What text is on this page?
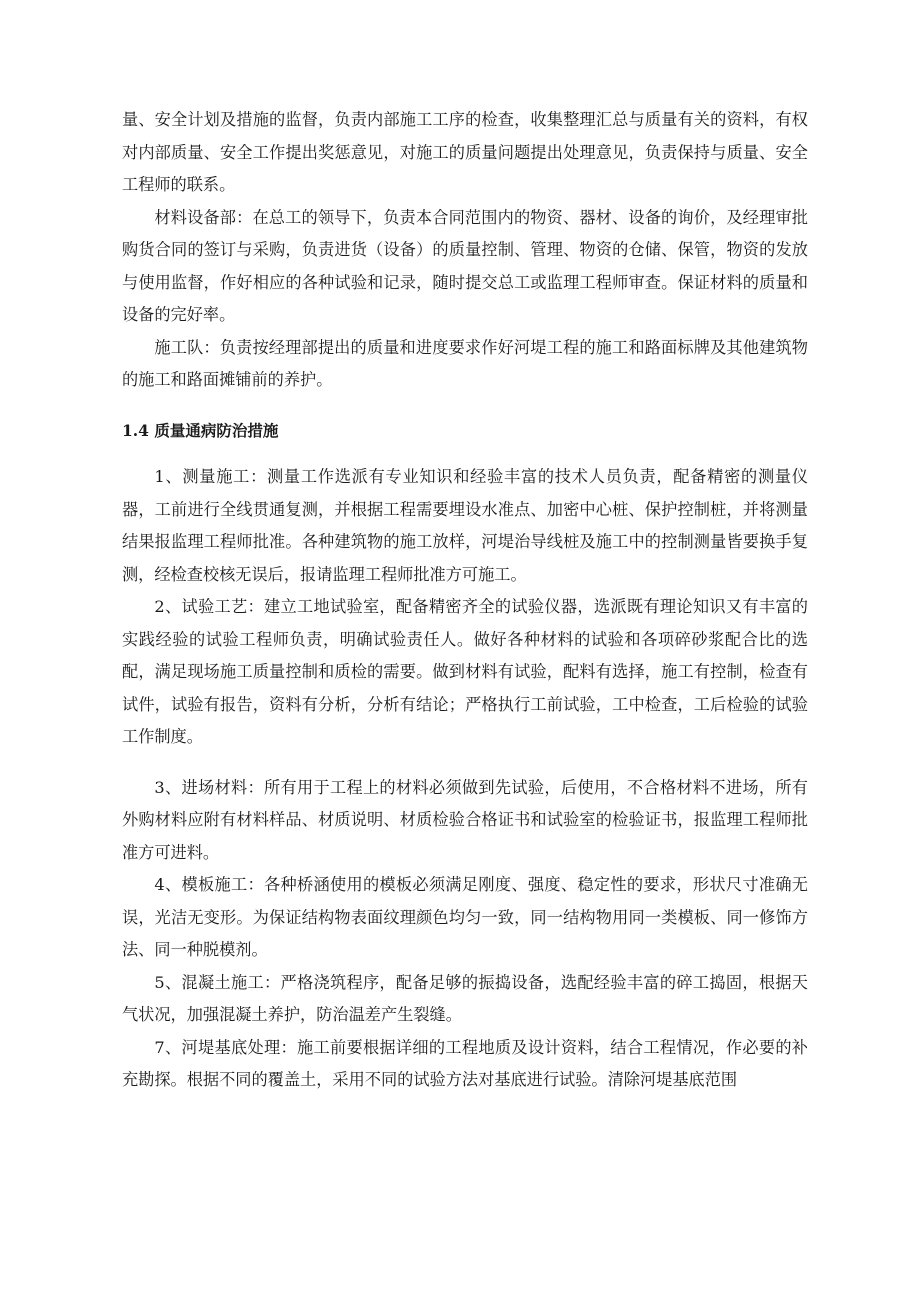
量、安全计划及措施的监督，负责内部施工工序的检查，收集整理汇总与质量有关的资料，有权对内部质量、安全工作提出奖惩意见，对施工的质量问题提出处理意见，负责保持与质量、安全工程师的联系。

材料设备部：在总工的领导下，负责本合同范围内的物资、器材、设备的询价，及经理审批购货合同的签订与采购，负责进货（设备）的质量控制、管理、物资的仓储、保管，物资的发放与使用监督，作好相应的各种试验和记录，随时提交总工或监理工程师审查。保证材料的质量和设备的完好率。

施工队：负责按经理部提出的质量和进度要求作好河堤工程的施工和路面标牌及其他建筑物的施工和路面摊铺前的养护。

1.4 质量通病防治措施

1、测量施工：测量工作选派有专业知识和经验丰富的技术人员负责，配备精密的测量仪器，工前进行全线贯通复测，并根据工程需要埋设水准点、加密中心桩、保护控制桩，并将测量结果报监理工程师批准。各种建筑物的施工放样，河堤治导线桩及施工中的控制测量皆要换手复测，经检查校核无误后，报请监理工程师批准方可施工。

2、试验工艺：建立工地试验室，配备精密齐全的试验仪器，选派既有理论知识又有丰富的实践经验的试验工程师负责，明确试验责任人。做好各种材料的试验和各项碎砂浆配合比的选配，满足现场施工质量控制和质检的需要。做到材料有试验，配料有选择，施工有控制，检查有试件，试验有报告，资料有分析，分析有结论；严格执行工前试验，工中检查，工后检验的试验工作制度。

3、进场材料：所有用于工程上的材料必须做到先试验，后使用，不合格材料不进场，所有外购材料应附有材料样品、材质说明、材质检验合格证书和试验室的检验证书，报监理工程师批准方可进料。

4、模板施工：各种桥涵使用的模板必须满足刚度、强度、稳定性的要求，形状尺寸准确无误，光洁无变形。为保证结构物表面纹理颜色均匀一致，同一结构物用同一类模板、同一修饰方法、同一种脱模剂。

5、混凝土施工：严格浇筑程序，配备足够的振捣设备，选配经验丰富的碎工捣固，根据天气状况，加强混凝土养护，防治温差产生裂缝。

7、河堤基底处理：施工前要根据详细的工程地质及设计资料，结合工程情况，作必要的补充勘探。根据不同的覆盖土，采用不同的试验方法对基底进行试验。清除河堤基底范围
